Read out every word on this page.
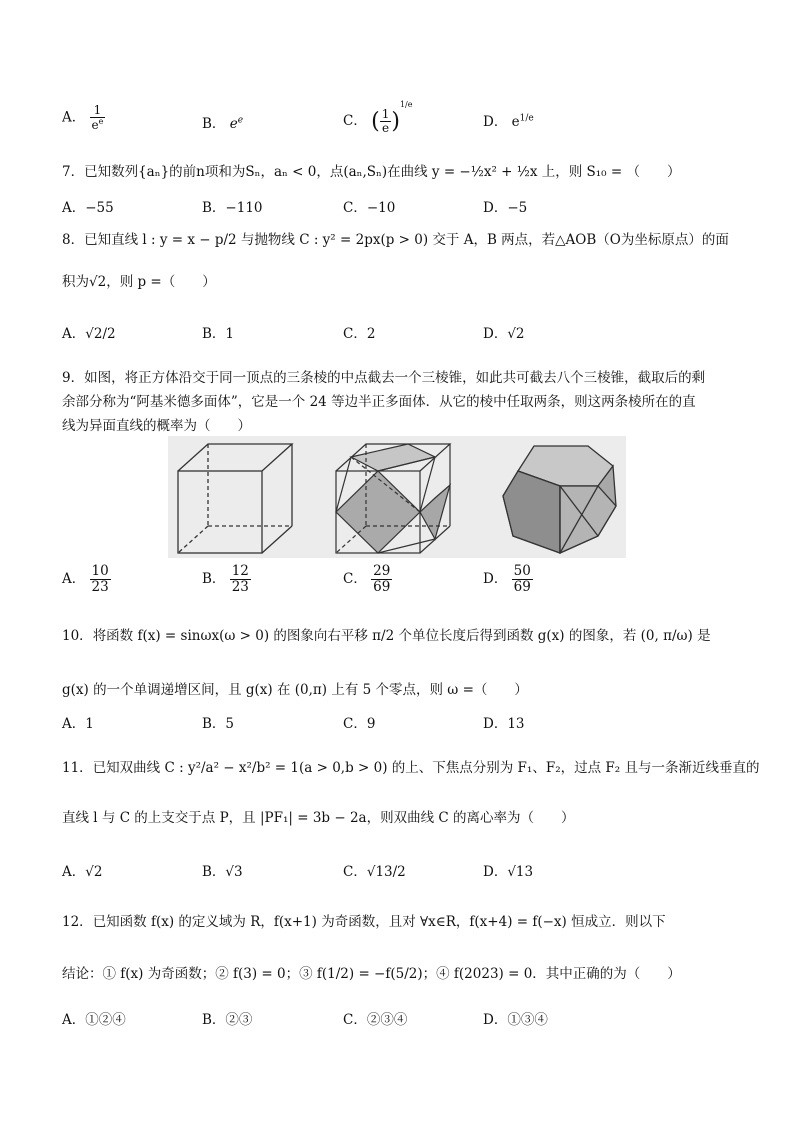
A． $\frac{1}{e^e}$	B． $e^e$	C． ( $\frac{1}{e} )^{1/e}$
D． $e^{1/e}$
7．已知数列{aₙ}的前n项和为Sₙ，aₙ < 0，点(aₙ,Sₙ)在曲线 y = −½x² + ½x 上，则 S₁₀ = （　　）
A．−55	B．−110	C．−10	D．−5
8．已知直线 l : y = x − p/2 与抛物线 C : y² = 2px(p > 0) 交于 A，B 两点，若△AOB（O为坐标原点）的面
积为√2，则 p =（　　）
A．√2/2	B．1	C．2	D．√2
9．如图，将正方体沿交于同一顶点的三条棱的中点截去一个三棱锥，如此共可截去八个三棱锥，截取后的剩
余部分称为“阿基米德多面体”，它是一个 24 等边半正多面体．从它的棱中任取两条，则这两条棱所在的直
线为异面直线的概率为（　　）
A． $\frac{10}{23}$	B． $\frac{12}{23}$	C． $\frac{29}{69}$	D． $\frac{50}{69}$
10．将函数 f(x) = sinωx(ω > 0) 的图象向右平移 π/2 个单位长度后得到函数 g(x) 的图象，若 (0, π/ω) 是
g(x) 的一个单调递增区间，且 g(x) 在 (0,π) 上有 5 个零点，则 ω =（　　）
A．1	B．5	C．9	D．13
11．已知双曲线 C : y²/a² − x²/b² = 1(a > 0,b > 0) 的上、下焦点分别为 F₁、F₂，过点 F₂ 且与一条渐近线垂直的
直线 l 与 C 的上支交于点 P，且 |PF₁| = 3b − 2a，则双曲线 C 的离心率为（　　）
A．√2	B．√3	C．√13/2	D．√13
12．已知函数 f(x) 的定义域为 R，f(x+1) 为奇函数，且对 ∀x∈R，f(x+4) = f(−x) 恒成立．则以下
结论：① f(x) 为奇函数；② f(3) = 0；③ f(1/2) = −f(5/2)；④ f(2023) = 0．其中正确的为（　　）
A．①②④	B．②③	C．②③④	D．①③④
